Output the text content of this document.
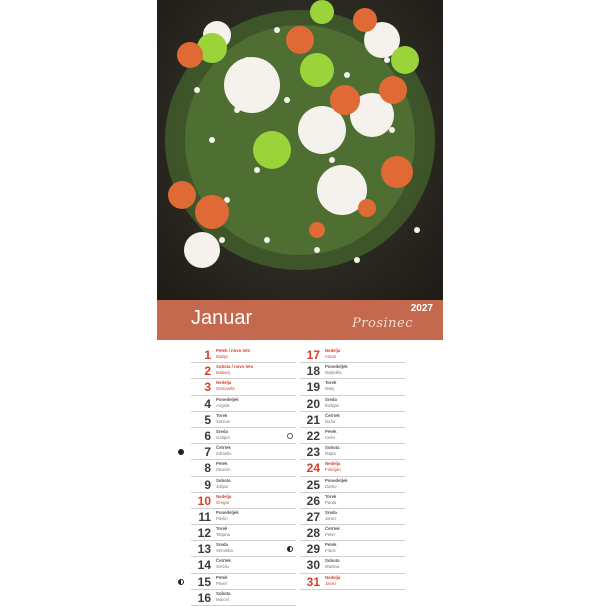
Januar	2027
Prosinec
1 Petek / novo leto
Marija
2 Sobota / novo leto
Makarij
3 Nedelja
Genovefa
4 Ponedeljek
Angela
5 Torek
Simeon
6 Sreda
Gašper
7 Četrtek
Zdravko
8 Petek
Severin
9 Sobota
Julijan
10 Nedelja
Gregor
11 Ponedeljek
Pavlin
12 Torek
Tatjana
13 Sreda
Veronika
14 Četrtek
Srečko
15 Petek
Pavel
16 Sobota
Marcel
17 Nedelja
Anton
18 Ponedeljek
Marjetka
19 Torek
Marij
20 Sreda
Boštjan
21 Četrtek
Neža
22 Petek
Celer
23 Sobota
Rajko
24 Nedelja
Felicijan
25 Ponedeljek
Darko
26 Torek
Paola
27 Sreda
Janez
28 Četrtek
Peter
29 Petek
Franc
30 Sobota
Martina
31 Nedelja
Janez
